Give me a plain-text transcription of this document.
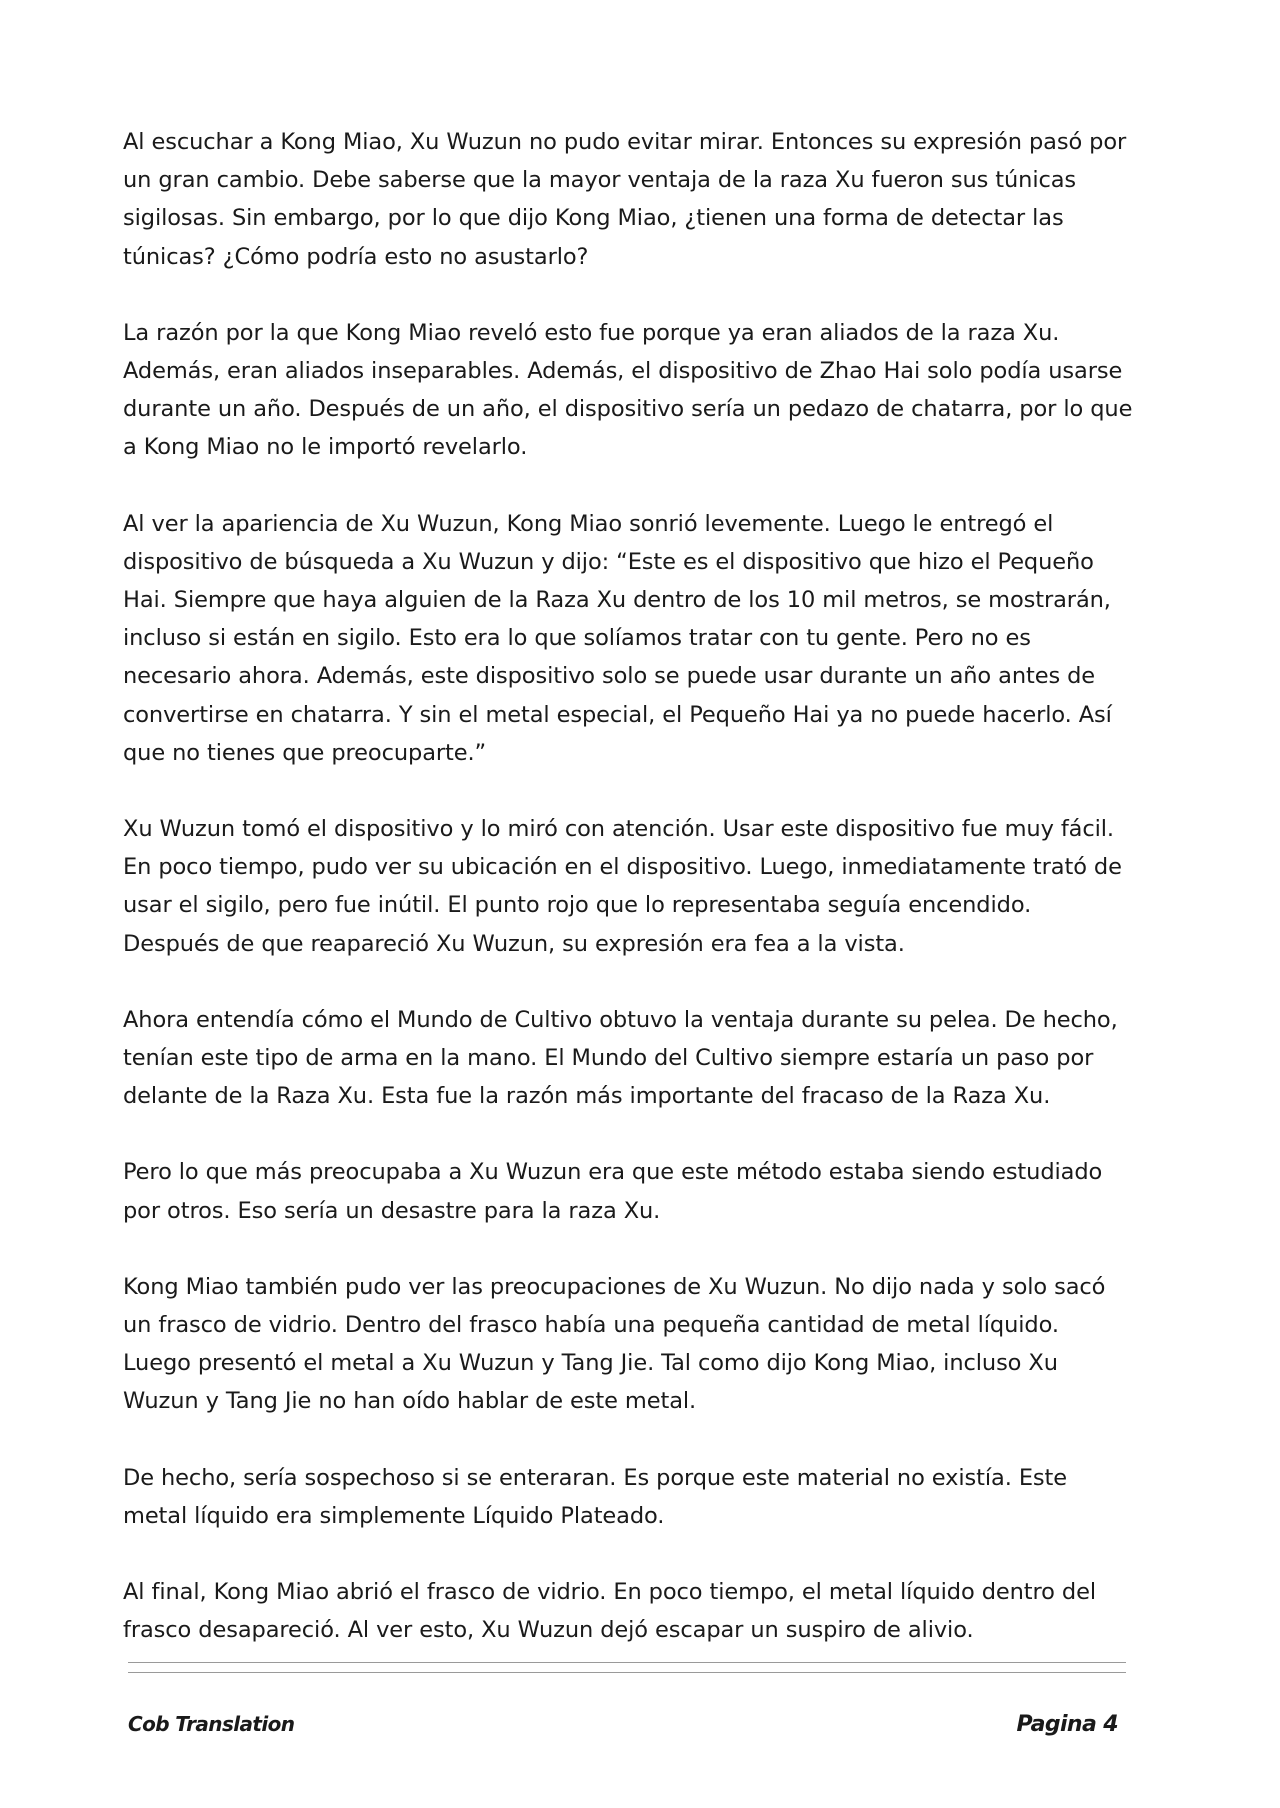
Al escuchar a Kong Miao, Xu Wuzun no pudo evitar mirar. Entonces su expresión pasó por un gran cambio. Debe saberse que la mayor ventaja de la raza Xu fueron sus túnicas sigilosas. Sin embargo, por lo que dijo Kong Miao, ¿tienen una forma de detectar las túnicas? ¿Cómo podría esto no asustarlo?

La razón por la que Kong Miao reveló esto fue porque ya eran aliados de la raza Xu. Además, eran aliados inseparables. Además, el dispositivo de Zhao Hai solo podía usarse durante un año. Después de un año, el dispositivo sería un pedazo de chatarra, por lo que a Kong Miao no le importó revelarlo.

Al ver la apariencia de Xu Wuzun, Kong Miao sonrió levemente. Luego le entregó el dispositivo de búsqueda a Xu Wuzun y dijo: “Este es el dispositivo que hizo el Pequeño Hai. Siempre que haya alguien de la Raza Xu dentro de los 10 mil metros, se mostrarán, incluso si están en sigilo. Esto era lo que solíamos tratar con tu gente. Pero no es necesario ahora. Además, este dispositivo solo se puede usar durante un año antes de convertirse en chatarra. Y sin el metal especial, el Pequeño Hai ya no puede hacerlo. Así que no tienes que preocuparte.”

Xu Wuzun tomó el dispositivo y lo miró con atención. Usar este dispositivo fue muy fácil. En poco tiempo, pudo ver su ubicación en el dispositivo. Luego, inmediatamente trató de usar el sigilo, pero fue inútil. El punto rojo que lo representaba seguía encendido. Después de que reapareció Xu Wuzun, su expresión era fea a la vista.

Ahora entendía cómo el Mundo de Cultivo obtuvo la ventaja durante su pelea. De hecho, tenían este tipo de arma en la mano. El Mundo del Cultivo siempre estaría un paso por delante de la Raza Xu. Esta fue la razón más importante del fracaso de la Raza Xu.

Pero lo que más preocupaba a Xu Wuzun era que este método estaba siendo estudiado por otros. Eso sería un desastre para la raza Xu.

Kong Miao también pudo ver las preocupaciones de Xu Wuzun. No dijo nada y solo sacó un frasco de vidrio. Dentro del frasco había una pequeña cantidad de metal líquido. Luego presentó el metal a Xu Wuzun y Tang Jie. Tal como dijo Kong Miao, incluso Xu Wuzun y Tang Jie no han oído hablar de este metal.

De hecho, sería sospechoso si se enteraran. Es porque este material no existía. Este metal líquido era simplemente Líquido Plateado.

Al final, Kong Miao abrió el frasco de vidrio. En poco tiempo, el metal líquido dentro del frasco desapareció. Al ver esto, Xu Wuzun dejó escapar un suspiro de alivio.

Cob Translation	Pagina 4
